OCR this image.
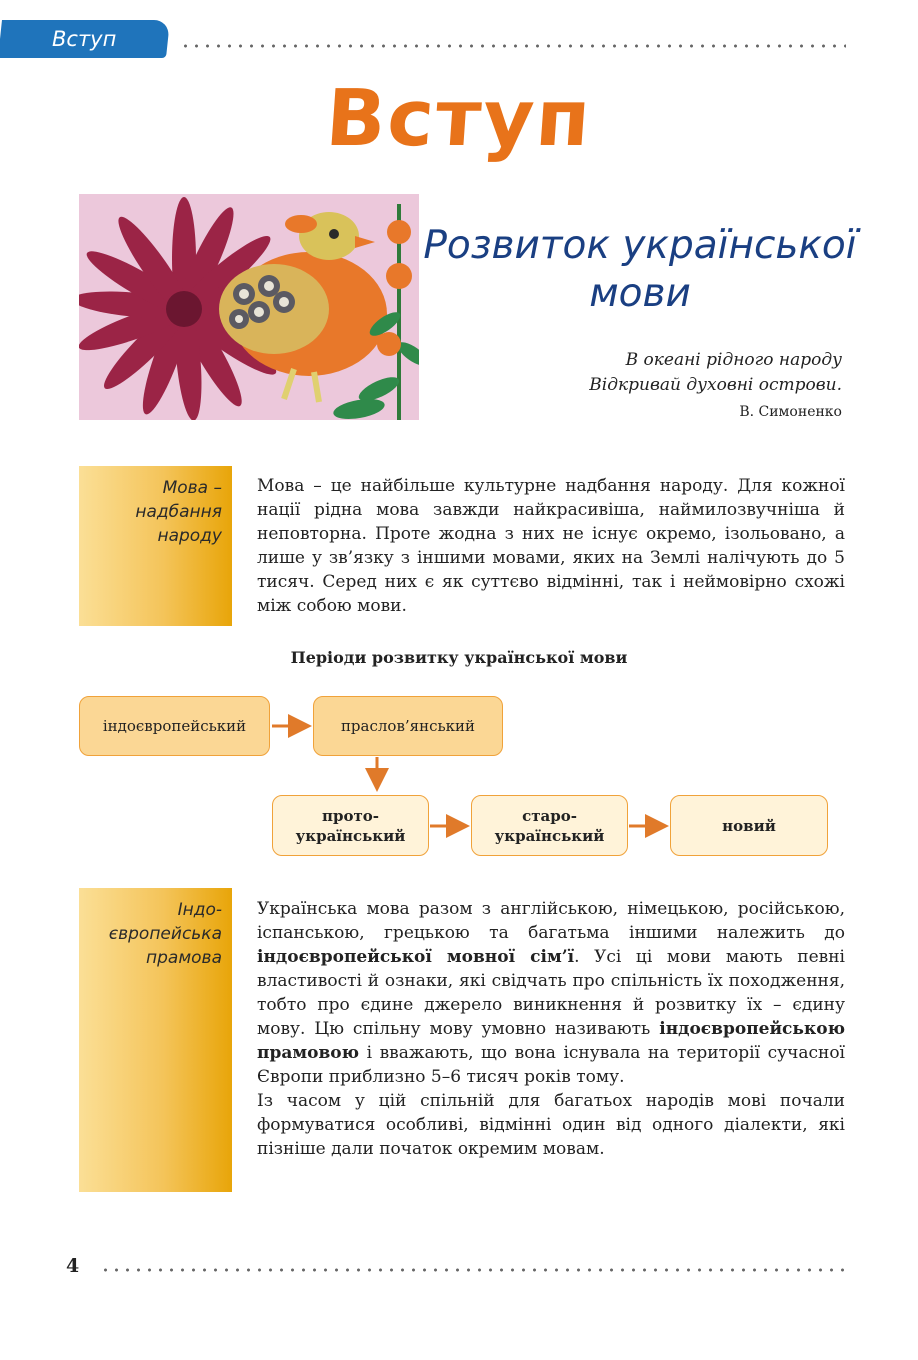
Вступ
Вступ
Розвиток української
мови
В океані рідного народу
Відкривай духовні острови.
В. Симоненко
Мова –
надбання
народу

Мова – це найбільше культурне надбання народу. Для кожної нації рідна мова завжди найкрасивіша, наймилозвучніша й неповторна. Проте жодна з них не існує окремо, ізольовано, а лише у зв’язку з іншими мовами, яких на Землі налічують до 5 тисяч. Серед них є як суттєво відмінні, так і неймовірно схожі між собою мови.

Періоди розвитку української мови
індоєвропейський	праслов’янський
прото-
український
старо-
український
новий
Індо-
європейська
прамова

Українська мова разом з англійською, німецькою, російською, іспанською, грецькою та багатьма іншими належить до індоєвропейської мовної сім’ї. Усі ці мови мають певні властивості й ознаки, які свідчать про спільність їх походження, тобто про єдине джерело виникнення й розвитку їх – єдину мову. Цю спільну мову умовно називають індоєвропейською прамовою і вважають, що вона існувала на території сучасної Європи приблизно 5–6 тисяч років тому.

Із часом у цій спільній для багатьох народів мові почали формуватися особливі, відмінні один від одного діалекти, які пізніше дали початок окремим мовам.

4
